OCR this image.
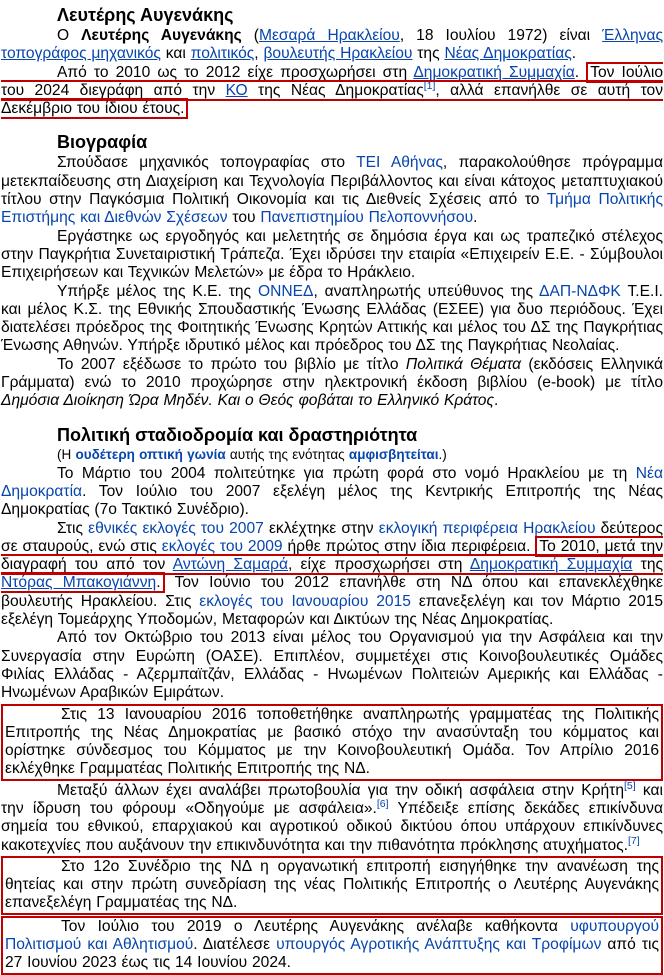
Λευτέρης Αυγενάκης

Ο Λευτέρης Αυγενάκης (Μεσαρά Ηρακλείου, 18 Ιουλίου 1972) είναι Έλληνας τοπογράφος μηχανικός και πολιτικός, βουλευτής Ηρακλείου της Νέας Δημοκρατίας.

Από το 2010 ως το 2012 είχε προσχωρήσει στη Δημοκρατική Συμμαχία. Τον Ιούλιο του 2024 διεγράφη από την ΚΟ της Νέας Δημοκρατίας[1], αλλά επανήλθε σε αυτή τον Δεκέμβριο του ίδιου έτους.

Βιογραφία

Σπούδασε μηχανικός τοπογραφίας στο ΤΕΙ Αθήνας, παρακολούθησε πρόγραμμα μετεκπαίδευσης στη Διαχείριση και Τεχνολογία Περιβάλλοντος και είναι κάτοχος μεταπτυχιακού τίτλου στην Παγκόσμια Πολιτική Οικονομία και τις Διεθνείς Σχέσεις από το Τμήμα Πολιτικής Επιστήμης και Διεθνών Σχέσεων του Πανεπιστημίου Πελοποννήσου.

Εργάστηκε ως εργοδηγός και μελετητής σε δημόσια έργα και ως τραπεζικό στέλεχος στην Παγκρήτια Συνεταιριστική Τράπεζα. Έχει ιδρύσει την εταιρία «Επιχειρείν Ε.Ε. - Σύμβουλοι Επιχειρήσεων και Τεχνικών Μελετών» με έδρα το Ηράκλειο.

Υπήρξε μέλος της Κ.Ε. της ΟΝΝΕΔ, αναπληρωτής υπεύθυνος της ΔΑΠ-ΝΔΦΚ Τ.Ε.Ι. και μέλος Κ.Σ. της Εθνικής Σπουδαστικής Ένωσης Ελλάδας (ΕΣΕΕ) για δυο περιόδους. Έχει διατελέσει πρόεδρος της Φοιτητικής Ένωσης Κρητών Αττικής και μέλος του ΔΣ της Παγκρήτιας Ένωσης Αθηνών. Υπήρξε ιδρυτικό μέλος και πρόεδρος του ΔΣ της Παγκρήτιας Νεολαίας.

Το 2007 εξέδωσε το πρώτο του βιβλίο με τίτλο Πολιτικά Θέματα (εκδόσεις Ελληνικά Γράμματα) ενώ το 2010 προχώρησε στην ηλεκτρονική έκδοση βιβλίου (e-book) με τίτλο Δημόσια Διοίκηση Ώρα Μηδέν. Και ο Θεός φοβάται το Ελληνικό Κράτος.

Πολιτική σταδιοδρομία και δραστηριότητα

(Η ουδέτερη οπτική γωνία αυτής της ενότητας αμφισβητείται.)

Το Μάρτιο του 2004 πολιτεύτηκε για πρώτη φορά στο νομό Ηρακλείου με τη Νέα Δημοκρατία. Τον Ιούλιο του 2007 εξελέγη μέλος της Κεντρικής Επιτροπής της Νέας Δημοκρατίας (7ο Τακτικό Συνέδριο).

Στις εθνικές εκλογές του 2007 εκλέχτηκε στην εκλογική περιφέρεια Ηρακλείου δεύτερος σε σταυρούς, ενώ στις εκλογές του 2009 ήρθε πρώτος στην ίδια περιφέρεια. Το 2010, μετά την διαγραφή του από τον Αντώνη Σαμαρά, είχε προσχωρήσει στη Δημοκρατική Συμμαχία της Ντόρας Μπακογιάννη. Τον Ιούνιο του 2012 επανήλθε στη ΝΔ όπου και επανεκλέχθηκε βουλευτής Ηρακλείου. Στις εκλογές του Ιανουαρίου 2015 επανεξελέγη και τον Μάρτιο 2015 εξελέγη Τομεάρχης Υποδομών, Μεταφορών και Δικτύων της Νέας Δημοκρατίας.

Από τον Οκτώβριο του 2013 είναι μέλος του Οργανισμού για την Ασφάλεια και την Συνεργασία στην Ευρώπη (ΟΑΣΕ). Επιπλέον, συμμετέχει στις Κοινοβουλευτικές Ομάδες Φιλίας Ελλάδας - Αζερμπαϊτζάν, Ελλάδας - Ηνωμένων Πολιτειών Αμερικής και Ελλάδας - Ηνωμένων Αραβικών Εμιράτων.

Στις 13 Ιανουαρίου 2016 τοποθετήθηκε αναπληρωτής γραμματέας της Πολιτικής Επιτροπής της Νέας Δημοκρατίας με βασικό στόχο την ανασύνταξη του κόμματος και ορίστηκε σύνδεσμος του Κόμματος με την Κοινοβουλευτική Ομάδα. Τον Απρίλιο 2016 εκλέχθηκε Γραμματέας Πολιτικής Επιτροπής της ΝΔ.

Μεταξύ άλλων έχει αναλάβει πρωτοβουλία για την οδική ασφάλεια στην Κρήτη[5] και την ίδρυση του φόρουμ «Οδηγούμε με ασφάλεια».[6] Υπέδειξε επίσης δεκάδες επικίνδυνα σημεία του εθνικού, επαρχιακού και αγροτικού οδικού δικτύου όπου υπάρχουν επικίνδυνες κακοτεχνίες που αυξάνουν την επικινδυνότητα και την πιθανότητα πρόκλησης ατυχήματος.[7]

Στο 12ο Συνέδριο της ΝΔ η οργανωτική επιτροπή εισηγήθηκε την ανανέωση της θητείας και στην πρώτη συνεδρίαση της νέας Πολιτικής Επιτροπής ο Λευτέρης Αυγενάκης επανεξελέγη Γραμματέας της ΝΔ.

Τον Ιούλιο του 2019 ο Λευτέρης Αυγενάκης ανέλαβε καθήκοντα υφυπουργού Πολιτισμού και Αθλητισμού. Διατέλεσε υπουργός Αγροτικής Ανάπτυξης και Τροφίμων από τις 27 Ιουνίου 2023 έως τις 14 Ιουνίου 2024.
